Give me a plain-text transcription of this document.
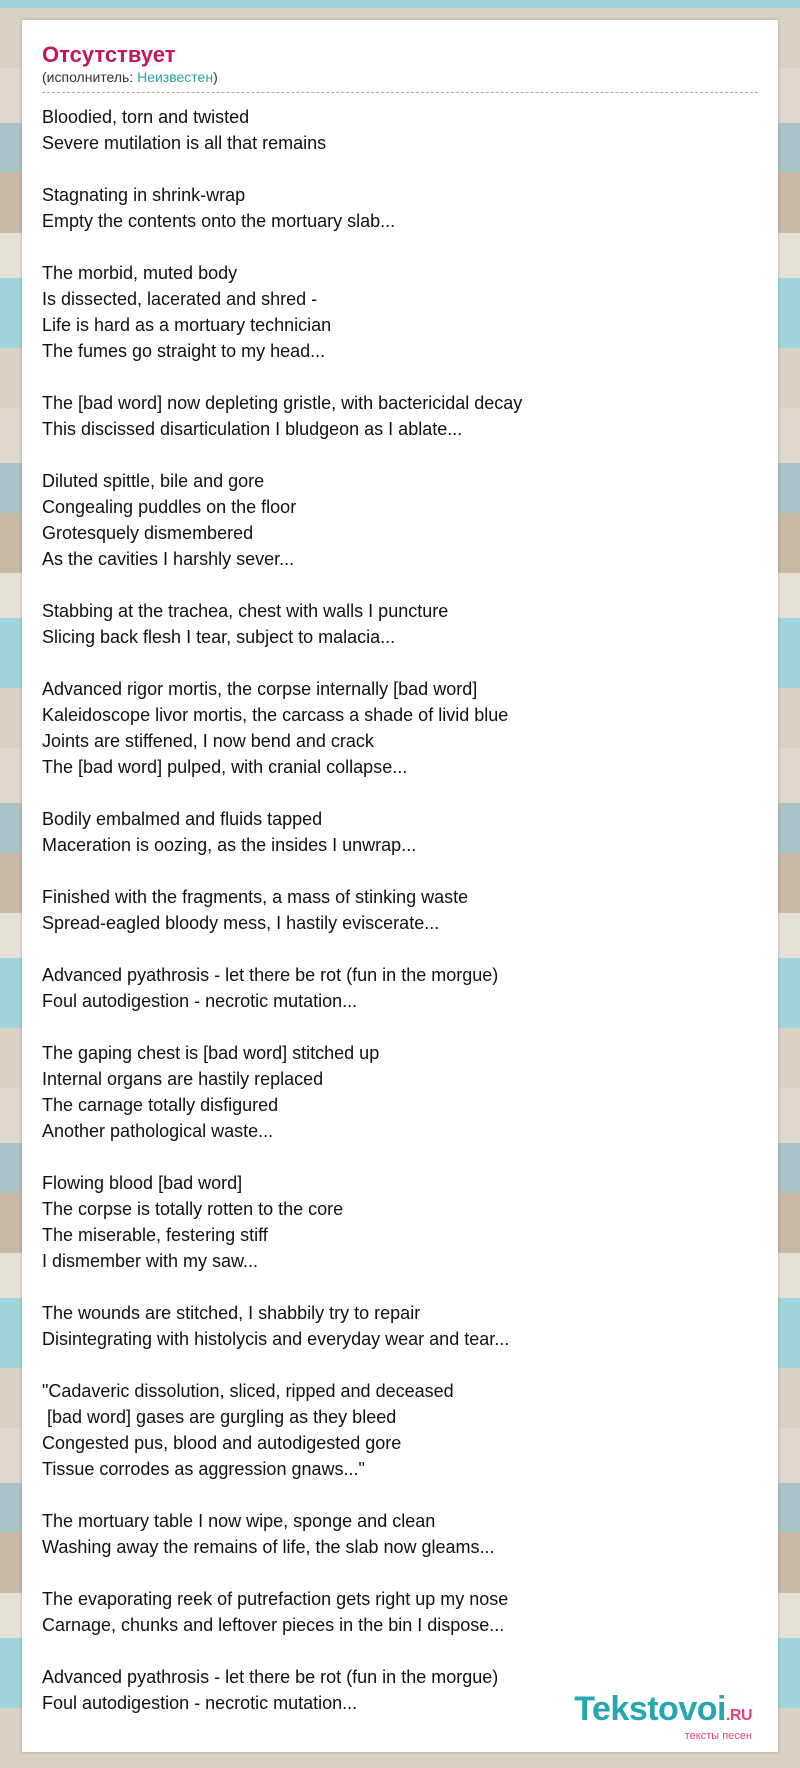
Отсутствует
(исполнитель: Неизвестен)
Bloodied, torn and twisted
Severe mutilation is all that remains
Stagnating in shrink-wrap
Empty the contents onto the mortuary slab...
The morbid, muted body
Is dissected, lacerated and shred -
Life is hard as a mortuary technician
The fumes go straight to my head...
The [bad word] now depleting gristle, with bactericidal decay
This discissed disarticulation I bludgeon as I ablate...
Diluted spittle, bile and gore
Congealing puddles on the floor
Grotesquely dismembered
As the cavities I harshly sever...
Stabbing at the trachea, chest with walls I puncture
Slicing back flesh I tear, subject to malacia...
Advanced rigor mortis, the corpse internally [bad word]
Kaleidoscope livor mortis, the carcass a shade of livid blue
Joints are stiffened, I now bend and crack
The [bad word] pulped, with cranial collapse...
Bodily embalmed and fluids tapped
Maceration is oozing, as the insides I unwrap...
Finished with the fragments, a mass of stinking waste
Spread-eagled bloody mess, I hastily eviscerate...
Advanced pyathrosis - let there be rot (fun in the morgue)
Foul autodigestion - necrotic mutation...
The gaping chest is [bad word] stitched up
Internal organs are hastily replaced
The carnage totally disfigured
Another pathological waste...
Flowing blood [bad word]
The corpse is totally rotten to the core
The miserable, festering stiff
I dismember with my saw...
The wounds are stitched, I shabbily try to repair
Disintegrating with histolycis and everyday wear and tear...
"Cadaveric dissolution, sliced, ripped and deceased
[bad word] gases are gurgling as they bleed
Congested pus, blood and autodigested gore
Tissue corrodes as aggression gnaws..."
The mortuary table I now wipe, sponge and clean
Washing away the remains of life, the slab now gleams...
The evaporating reek of putrefaction gets right up my nose
Carnage, chunks and leftover pieces in the bin I dispose...
Advanced pyathrosis - let there be rot (fun in the morgue)
Foul autodigestion - necrotic mutation...	Tekstovoi.RU
тексты песен
